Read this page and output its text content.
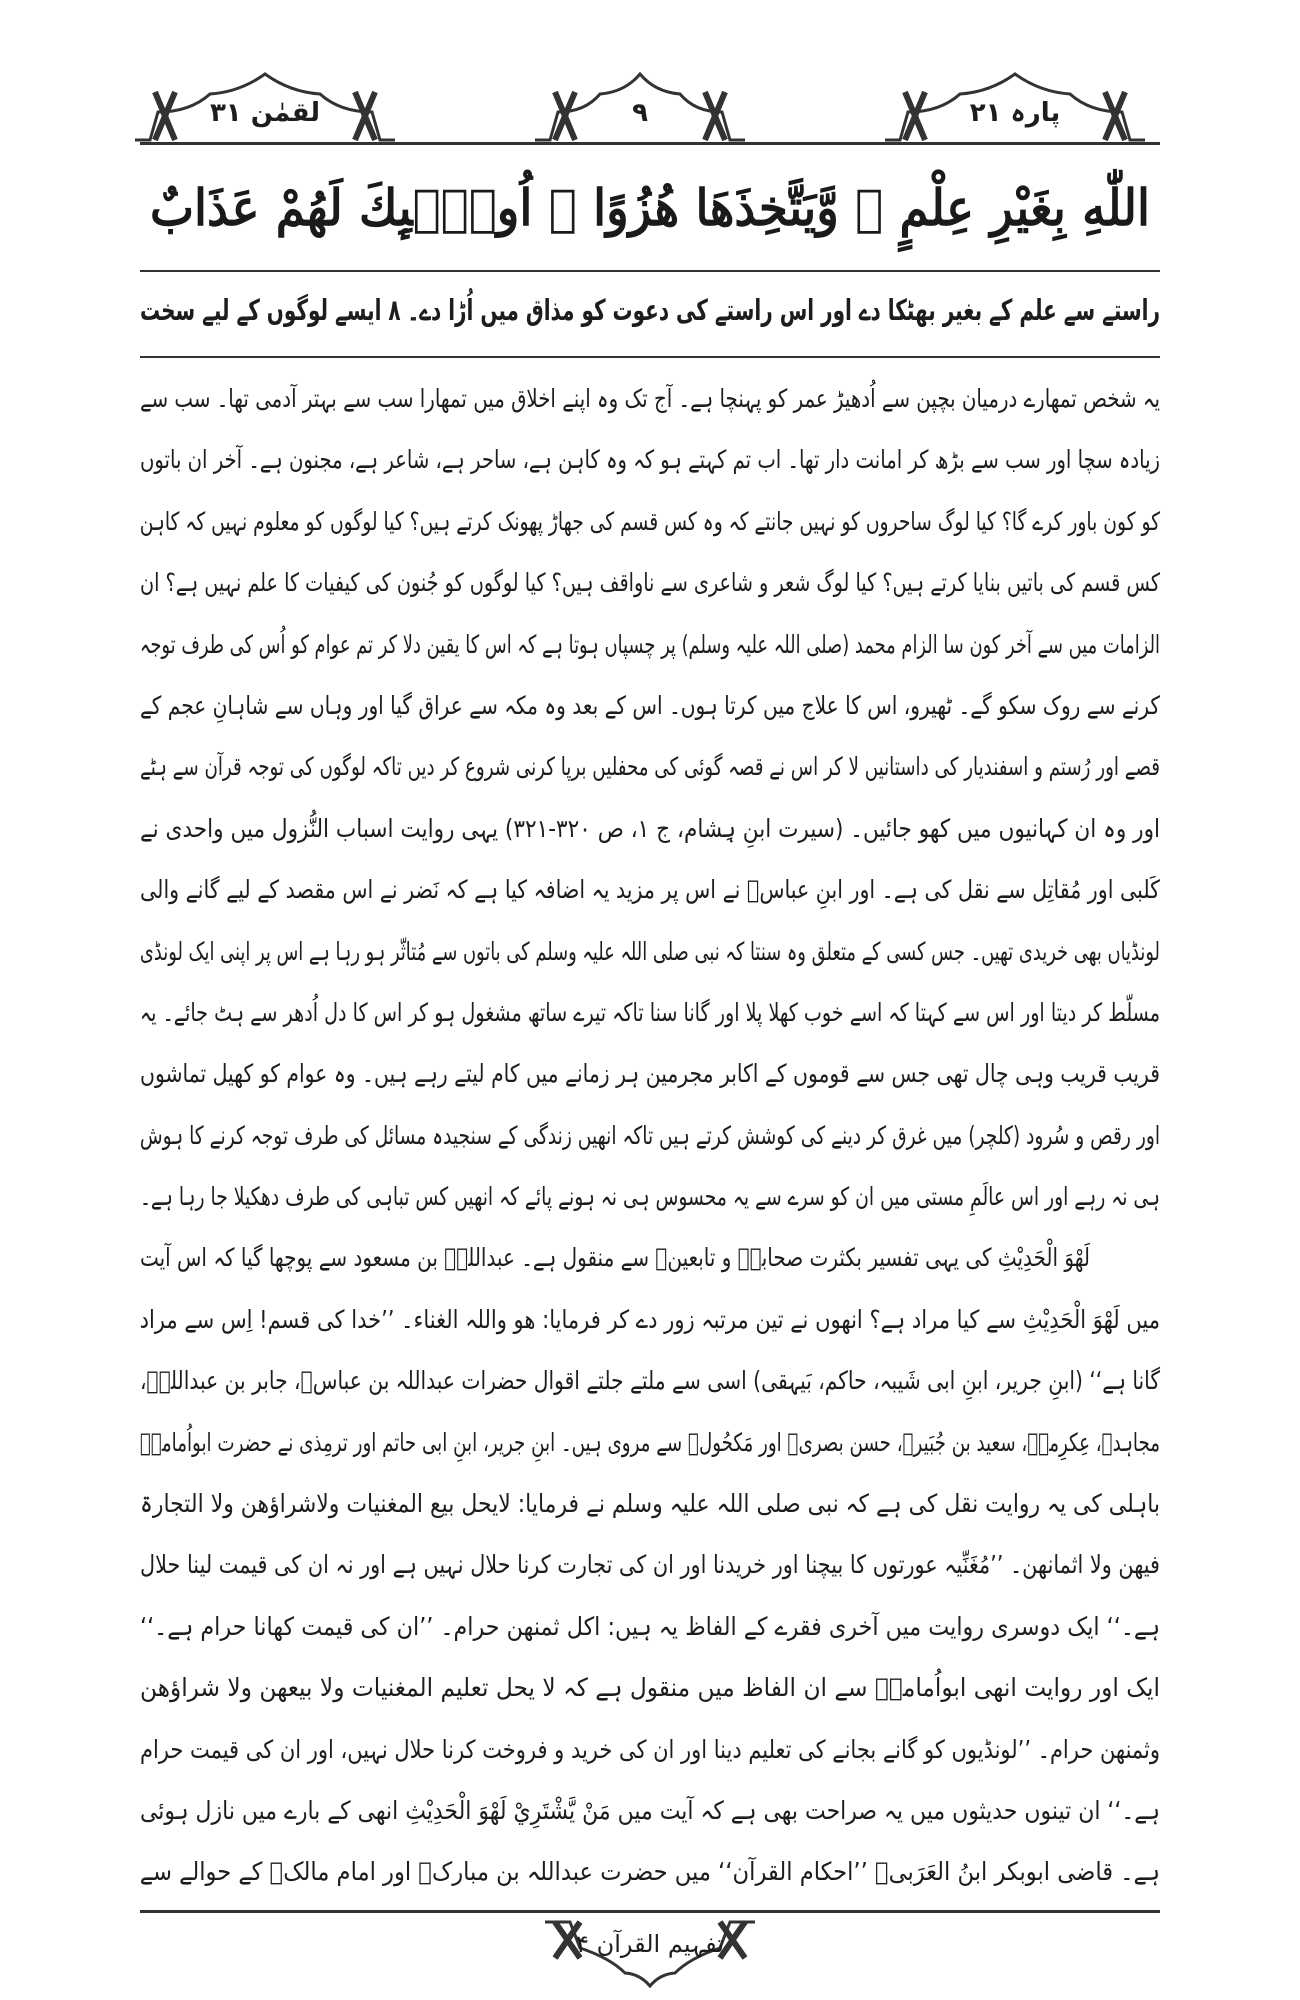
پارہ ۲۱
۹
لقمٰن ۳۱
اللّٰهِ بِغَيْرِ عِلْمٍ ۖ وَّيَتَّخِذَهَا هُزُوًا ۭ اُولٰۗىِٕكَ لَهُمْ عَذَابٌ
راستے سے علم کے بغیر بھٹکا دے اور اس راستے کی دعوت کو مذاق میں اُڑا دے۔ ۸ ایسے لوگوں کے لیے سخت
یہ شخص تمھارے درمیان بچپن سے اُدھیڑ عمر کو پہنچا ہے۔ آج تک وہ اپنے اخلاق میں تمھارا سب سے بہتر آدمی تھا۔ سب سے
زیادہ سچا اور سب سے بڑھ کر امانت دار تھا۔ اب تم کہتے ہو کہ وہ کاہن ہے، ساحر ہے، شاعر ہے، مجنون ہے۔ آخر ان باتوں
کو کون باور کرے گا؟ کیا لوگ ساحروں کو نہیں جانتے کہ وہ کس قسم کی جھاڑ پھونک کرتے ہیں؟ کیا لوگوں کو معلوم نہیں کہ کاہن
کس قسم کی باتیں بنایا کرتے ہیں؟ کیا لوگ شعر و شاعری سے ناواقف ہیں؟ کیا لوگوں کو جُنون کی کیفیات کا علم نہیں ہے؟ ان
الزامات میں سے آخر کون سا الزام محمد (صلی اللہ علیہ وسلم) پر چسپاں ہوتا ہے کہ اس کا یقین دلا کر تم عوام کو اُس کی طرف توجہ
کرنے سے روک سکو گے۔ ٹھیرو، اس کا علاج میں کرتا ہوں۔ اس کے بعد وہ مکہ سے عراق گیا اور وہاں سے شاہانِ عجم کے
قصے اور رُستم و اسفندیار کی داستانیں لا کر اس نے قصہ گوئی کی محفلیں برپا کرنی شروع کر دیں تاکہ لوگوں کی توجہ قرآن سے ہٹے
اور وہ ان کہانیوں میں کھو جائیں۔ (سیرت ابنِ ہِشام، ج ۱، ص ۳۲۰-۳۲۱) یہی روایت اسباب النُّزول میں واحدی نے
کَلبی اور مُقاتِل سے نقل کی ہے۔ اور ابنِ عباسؓ نے اس پر مزید یہ اضافہ کیا ہے کہ نَضر نے اس مقصد کے لیے گانے والی
لونڈیاں بھی خریدی تھیں۔ جس کسی کے متعلق وہ سنتا کہ نبی صلی اللہ علیہ وسلم کی باتوں سے مُتاثّر ہو رہا ہے اس پر اپنی ایک لونڈی
مسلّط کر دیتا اور اس سے کہتا کہ اسے خوب کھلا پلا اور گانا سنا تاکہ تیرے ساتھ مشغول ہو کر اس کا دل اُدھر سے ہٹ جائے۔ یہ
قریب قریب وہی چال تھی جس سے قوموں کے اکابر مجرمین ہر زمانے میں کام لیتے رہے ہیں۔ وہ عوام کو کھیل تماشوں
اور رقص و سُرود (کلچر) میں غرق کر دینے کی کوشش کرتے ہیں تاکہ انھیں زندگی کے سنجیدہ مسائل کی طرف توجہ کرنے کا ہوش
ہی نہ رہے اور اس عالَمِ مستی میں ان کو سرے سے یہ محسوس ہی نہ ہونے پائے کہ انھیں کس تباہی کی طرف دھکیلا جا رہا ہے۔
لَهْوَ الْحَدِيْثِ کی یہی تفسیر بکثرت صحابہؓ و تابعینؒ سے منقول ہے۔ عبداللہؓ بن مسعود سے پوچھا گیا کہ اس آیت
میں لَهْوَ الْحَدِيْثِ سے کیا مراد ہے؟ انھوں نے تین مرتبہ زور دے کر فرمایا: ھو واللہ الغناء۔ ’’خدا کی قسم! اِس سے مراد
گانا ہے‘‘ (ابنِ جریر، ابنِ ابی شَیبہ، حاکم، بَیہقی) اسی سے ملتے جلتے اقوال حضرات عبداللہ بن عباسؓ، جابر بن عبداللہؓ،
مجاہدؒ، عِکرِمہؒ، سعید بن جُبَیرؒ، حسن بصریؒ اور مَکحُولؒ سے مروی ہیں۔ ابنِ جریر، ابنِ ابی حاتم اور ترمِذی نے حضرت ابواُمامہؓ
باہلی کی یہ روایت نقل کی ہے کہ نبی صلی اللہ علیہ وسلم نے فرمایا: لایحل بیع المغنیات ولاشراؤھن ولا التجارۃ
فیھن ولا اثمانھن۔ ’’مُغَنِّیہ عورتوں کا بیچنا اور خریدنا اور ان کی تجارت کرنا حلال نہیں ہے اور نہ ان کی قیمت لینا حلال
ہے۔‘‘ ایک دوسری روایت میں آخری فقرے کے الفاظ یہ ہیں: اکل ثمنھن حرام۔ ’’ان کی قیمت کھانا حرام ہے۔‘‘
ایک اور روایت انھی ابواُمامہؓ سے ان الفاظ میں منقول ہے کہ لا یحل تعلیم المغنیات ولا بیعھن ولا شراؤھن
وثمنھن حرام۔ ’’لونڈیوں کو گانے بجانے کی تعلیم دینا اور ان کی خرید و فروخت کرنا حلال نہیں، اور ان کی قیمت حرام
ہے۔‘‘ ان تینوں حدیثوں میں یہ صراحت بھی ہے کہ آیت میں مَنْ يَّشْتَرِيْ لَهْوَ الْحَدِيْثِ انھی کے بارے میں نازل ہوئی
ہے۔ قاضی ابوبکر ابنُ العَرَبیؒ ’’احکام القرآن‘‘ میں حضرت عبداللہ بن مبارکؒ اور امام مالکؒ کے حوالے سے
تفہیم القرآن ۴
